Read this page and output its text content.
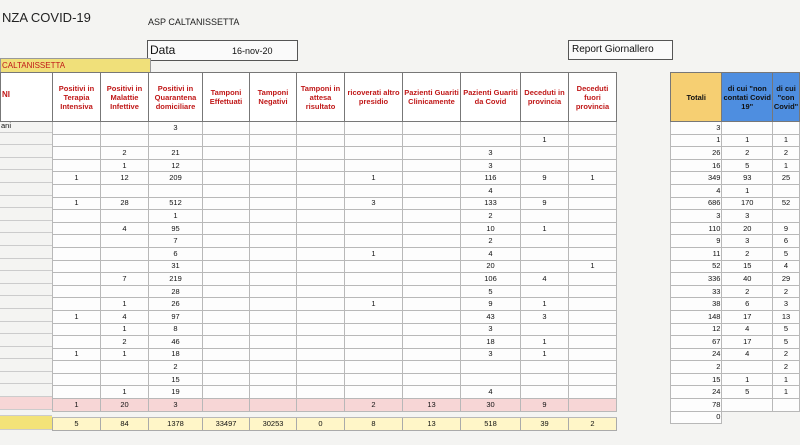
NZA COVID-19	ASP CALTANISSETTA
Data	16-nov-20	Report Giornallero
CALTANISSETTA
NI
ani
Positivi in Terapia Intensiva	Positivi in Malattie Infettive	Positivi in Quarantena domiciliare	Tamponi Effettuati	Tamponi Negativi	Tamponi in attesa risultato	ricoverati altro presidio	Pazienti Guariti Clinicamente	Pazienti Guariti da Covid	Deceduti in provincia	Deceduti fuori provincia
		3								
									1	
	2	21						3		
	1	12						3		
1	12	209				1		116	9	1
								4		
1	28	512				3		133	9	
		1						2		
	4	95						10	1	
		7						2		
		6				1		4		
		31						20		1
	7	219						106	4	
		28						5		
	1	26				1		9	1	
1	4	97						43	3	
	1	8						3		
	2	46						18	1	
1	1	18						3	1	
		2								
		15								
	1	19						4		
1	20	3				2	13	30	9	

5	84	1378	33497	30253	0	8	13	518	39	2
Totali	di cui "non contati Covid 19"	di cui "con Covid"
3		
1	1	1
26	2	2
16	5	1
349	93	25
4	1	
686	170	52
3	3	
110	20	9
9	3	6
11	2	5
52	15	4
336	40	29
33	2	2
38	6	3
148	17	13
12	4	5
67	17	5
24	4	2
2		2
15	1	1
24	5	1
78		
0		
